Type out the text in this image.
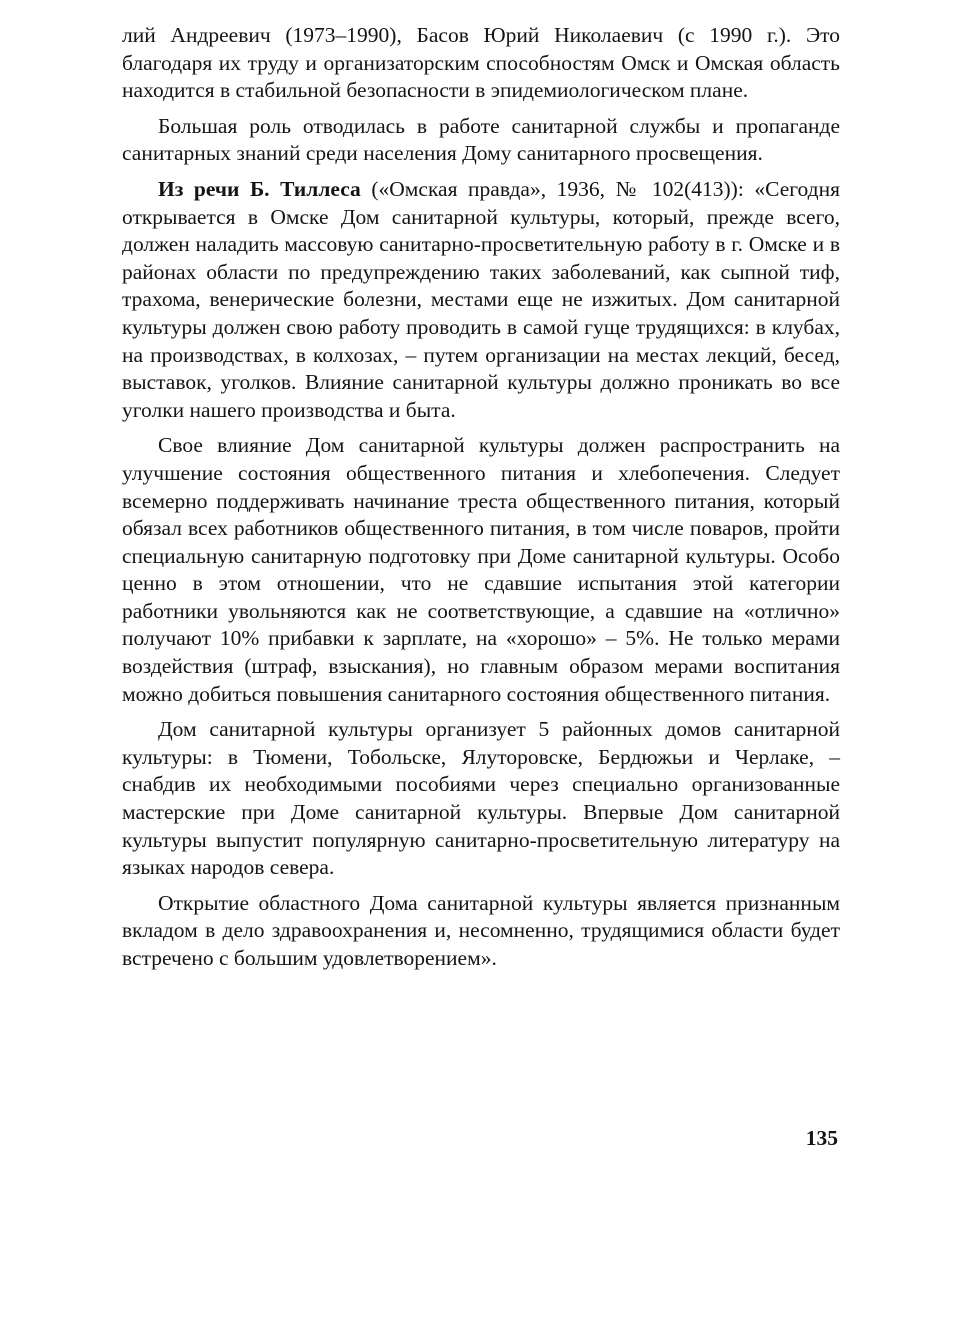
лий Андреевич (1973–1990), Басов Юрий Николаевич (с 1990 г.). Это благодаря их труду и организаторским способностям Омск и Омская область находится в стабильной безопасности в эпидемиологическом плане.

Большая роль отводилась в работе санитарной службы и пропаганде санитарных знаний среди населения Дому санитарного просвещения.

Из речи Б. Тиллеса («Омская правда», 1936, № 102(413)): «Сегодня открывается в Омске Дом санитарной культуры, который, прежде всего, должен наладить массовую санитарно-просветительную работу в г. Омске и в районах области по предупреждению таких заболеваний, как сыпной тиф, трахома, венерические болезни, местами еще не изжитых. Дом санитарной культуры должен свою работу проводить в самой гуще трудящихся: в клубах, на производствах, в колхозах, – путем организации на местах лекций, бесед, выставок, уголков. Влияние санитарной культуры должно проникать во все уголки нашего производства и быта.

Свое влияние Дом санитарной культуры должен распространить на улучшение состояния общественного питания и хлебопечения. Следует всемерно поддерживать начинание треста общественного питания, который обязал всех работников общественного питания, в том числе поваров, пройти специальную санитарную подготовку при Доме санитарной культуры. Особо ценно в этом отношении, что не сдавшие испытания этой категории работники увольняются как не соответствующие, а сдавшие на «отлично» получают 10% прибавки к зарплате, на «хорошо» – 5%. Не только мерами воздействия (штраф, взыскания), но главным образом мерами воспитания можно добиться повышения санитарного состояния общественного питания.

Дом санитарной культуры организует 5 районных домов санитарной культуры: в Тюмени, Тобольске, Ялуторовске, Бердюжьи и Черлаке, – снабдив их необходимыми пособиями через специально организованные мастерские при Доме санитарной культуры. Впервые Дом санитарной культуры выпустит популярную санитарно-просветительную литературу на языках народов севера.

Открытие областного Дома санитарной культуры является признанным вкладом в дело здравоохранения и, несомненно, трудящимися области будет встречено с большим удовлетворением».

135
